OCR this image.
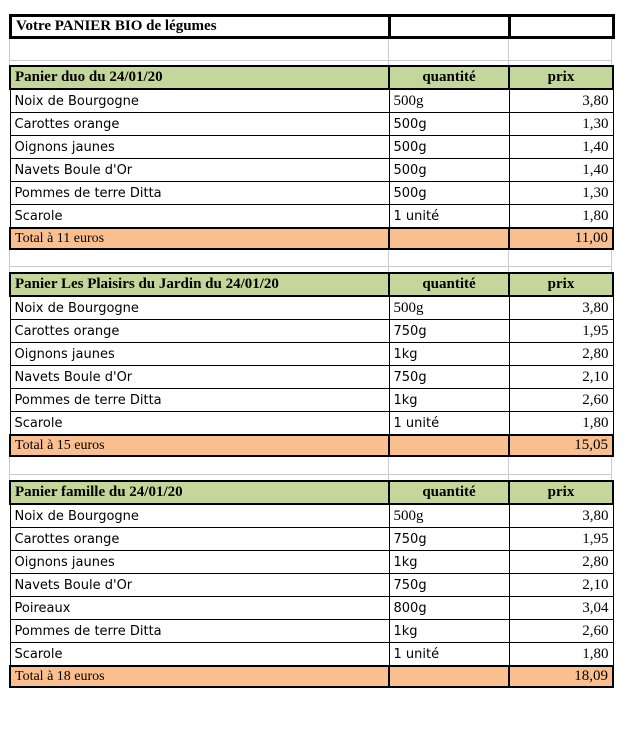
Votre PANIER BIO de légumes		
Panier duo du 24/01/20	quantité	prix
Noix de Bourgogne	500g	3,80
Carottes orange	500g	1,30
Oignons jaunes	500g	1,40
Navets Boule d'Or	500g	1,40
Pommes de terre Ditta	500g	1,30
Scarole	1 unité	1,80
Total à 11 euros		11,00
Panier Les Plaisirs du Jardin du 24/01/20	quantité	prix
Noix de Bourgogne	500g	3,80
Carottes orange	750g	1,95
Oignons jaunes	1kg	2,80
Navets Boule d'Or	750g	2,10
Pommes de terre Ditta	1kg	2,60
Scarole	1 unité	1,80
Total à 15 euros		15,05
Panier famille du 24/01/20	quantité	prix
Noix de Bourgogne	500g	3,80
Carottes orange	750g	1,95
Oignons jaunes	1kg	2,80
Navets Boule d'Or	750g	2,10
Poireaux	800g	3,04
Pommes de terre Ditta	1kg	2,60
Scarole	1 unité	1,80
Total à 18 euros		18,09
